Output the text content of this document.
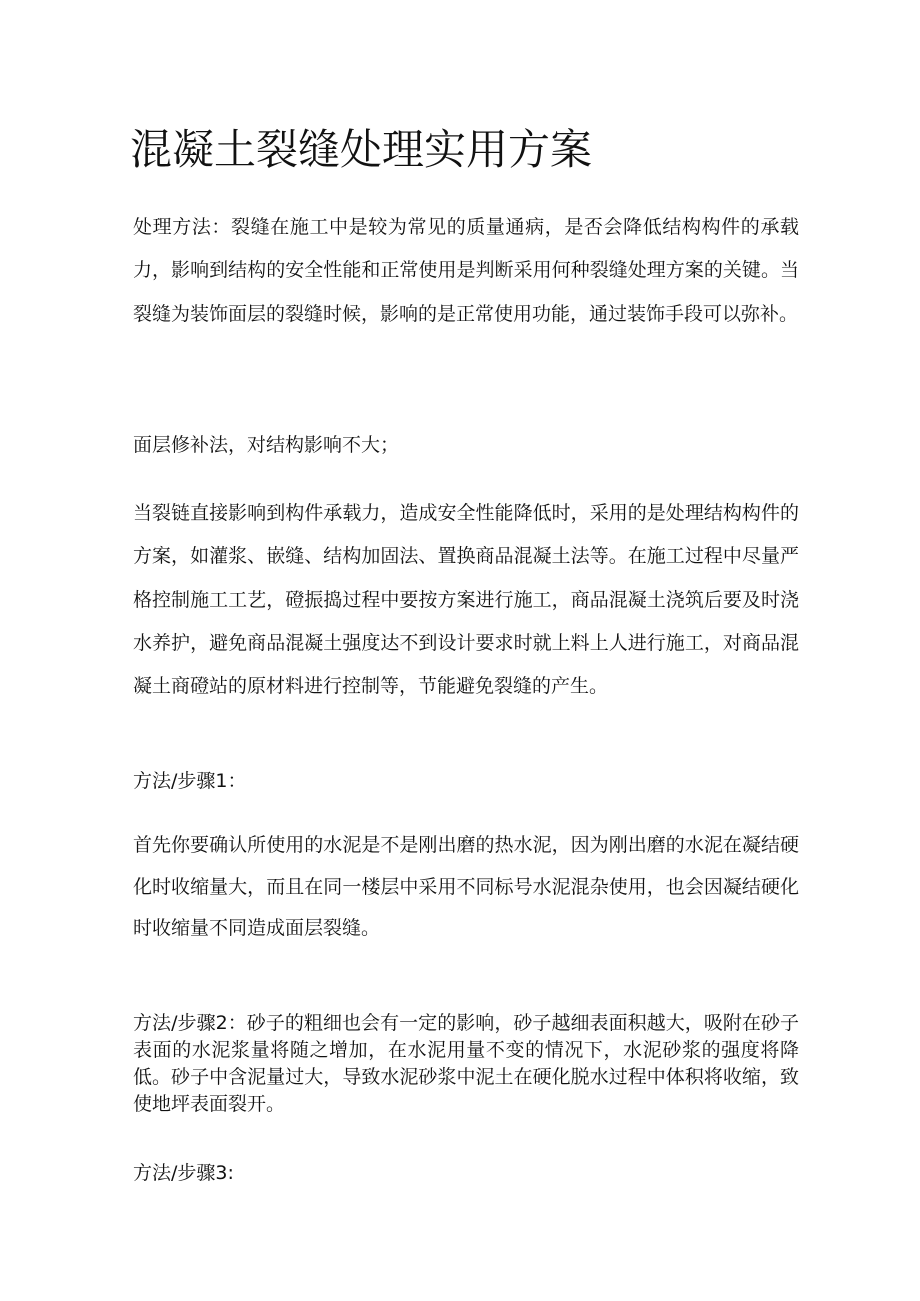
混凝土裂缝处理实用方案

处理方法：裂缝在施工中是较为常见的质量通病，是否会降低结构构件的承载力，影响到结构的安全性能和正常使用是判断采用何种裂缝处理方案的关键。当裂缝为装饰面层的裂缝时候，影响的是正常使用功能，通过装饰手段可以弥补。

面层修补法，对结构影响不大；

当裂链直接影响到构件承载力，造成安全性能降低时，采用的是处理结构构件的方案，如灌浆、嵌缝、结构加固法、置换商品混凝土法等。在施工过程中尽量严格控制施工工艺，磴振捣过程中要按方案进行施工，商品混凝土浇筑后要及时浇水养护，避免商品混凝土强度达不到设计要求时就上料上人进行施工，对商品混凝土商磴站的原材料进行控制等，节能避免裂缝的产生。

方法/步骤1：

首先你要确认所使用的水泥是不是刚出磨的热水泥，因为刚出磨的水泥在凝结硬化时收缩量大，而且在同一楼层中采用不同标号水泥混杂使用，也会因凝结硬化时收缩量不同造成面层裂缝。

方法/步骤2：砂子的粗细也会有一定的影响，砂子越细表面积越大，吸附在砂子表面的水泥浆量将随之增加，在水泥用量不变的情况下，水泥砂浆的强度将降低。砂子中含泥量过大，导致水泥砂浆中泥土在硬化脱水过程中体积将收缩，致使地坪表面裂开。

方法/步骤3:
